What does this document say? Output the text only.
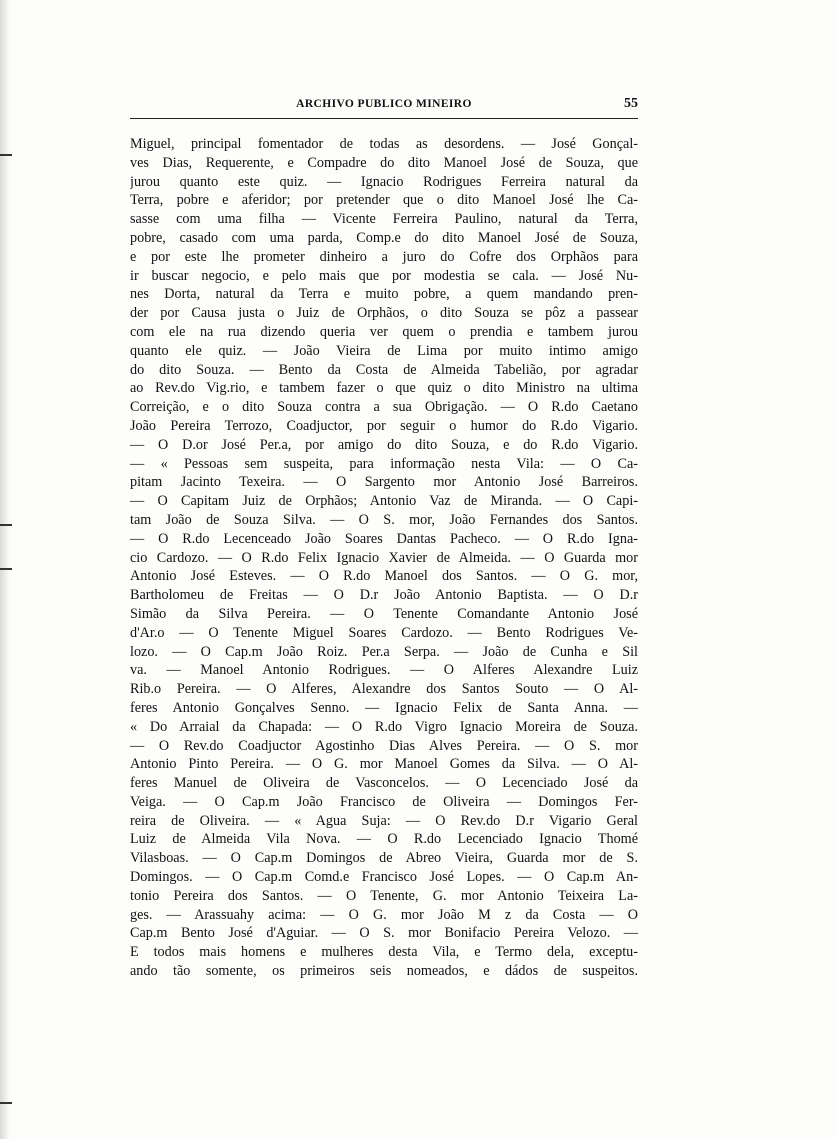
ARCHIVO PUBLICO MINEIRO	55
Miguel, principal fomentador de todas as desordens. — José Gonçal-
ves Dias, Requerente, e Compadre do dito Manoel José de Souza, que
jurou quanto este quiz. — Ignacio Rodrigues Ferreira natural da
Terra, pobre e aferidor; por pretender que o dito Manoel José lhe Ca-
sasse com uma filha — Vicente Ferreira Paulino, natural da Terra,
pobre, casado com uma parda, Comp.e do dito Manoel José de Souza,
e por este lhe prometer dinheiro a juro do Cofre dos Orphãos para
ir buscar negocio, e pelo mais que por modestia se cala. — José Nu-
nes Dorta, natural da Terra e muito pobre, a quem mandando pren-
der por Causa justa o Juiz de Orphãos, o dito Souza se pôz a passear
com ele na rua dizendo queria ver quem o prendia e tambem jurou
quanto ele quiz. — João Vieira de Lima por muito intimo amigo
do dito Souza. — Bento da Costa de Almeida Tabelião, por agradar
ao Rev.do Vig.rio, e tambem fazer o que quiz o dito Ministro na ultima
Correição, e o dito Souza contra a sua Obrigação. — O R.do Caetano
João Pereira Terrozo, Coadjuctor, por seguir o humor do R.do Vigario.
— O D.or José Per.a, por amigo do dito Souza, e do R.do Vigario.
— « Pessoas sem suspeita, para informação nesta Vila: — O Ca-
pitam Jacinto Texeira. — O Sargento mor Antonio José Barreiros.
— O Capitam Juiz de Orphãos; Antonio Vaz de Miranda. — O Capi-
tam João de Souza Silva. — O S. mor, João Fernandes dos Santos.
— O R.do Lecenceado João Soares Dantas Pacheco. — O R.do Igna-
cio Cardozo. — O R.do Felix Ignacio Xavier de Almeida. — O Guarda mor
Antonio José Esteves. — O R.do Manoel dos Santos. — O G. mor,
Bartholomeu de Freitas — O D.r João Antonio Baptista. — O D.r
Simão da Silva Pereira. — O Tenente Comandante Antonio José
d'Ar.o — O Tenente Miguel Soares Cardozo. — Bento Rodrigues Ve-
lozo. — O Cap.m João Roiz. Per.a Serpa. — João de Cunha e Sil
va. — Manoel Antonio Rodrigues. — O Alferes Alexandre Luiz
Rib.o Pereira. — O Alferes, Alexandre dos Santos Souto — O Al-
feres Antonio Gonçalves Senno. — Ignacio Felix de Santa Anna. —
« Do Arraial da Chapada: — O R.do Vigro Ignacio Moreira de Souza.
— O Rev.do Coadjuctor Agostinho Dias Alves Pereira. — O S. mor
Antonio Pinto Pereira. — O G. mor Manoel Gomes da Silva. — O Al-
feres Manuel de Oliveira de Vasconcelos. — O Lecenciado José da
Veiga. — O Cap.m João Francisco de Oliveira — Domingos Fer-
reira de Oliveira. — « Agua Suja: — O Rev.do D.r Vigario Geral
Luiz de Almeida Vila Nova. — O R.do Lecenciado Ignacio Thomé
Vilasboas. — O Cap.m Domingos de Abreo Vieira, Guarda mor de S.
Domingos. — O Cap.m Comd.e Francisco José Lopes. — O Cap.m An-
tonio Pereira dos Santos. — O Tenente, G. mor Antonio Teixeira La-
ges. — Arassuahy acima: — O G. mor João M z da Costa — O
Cap.m Bento José d'Aguiar. — O S. mor Bonifacio Pereira Velozo. —
E todos mais homens e mulheres desta Vila, e Termo dela, exceptu-
ando tão somente, os primeiros seis nomeados, e dádos de suspeitos.
